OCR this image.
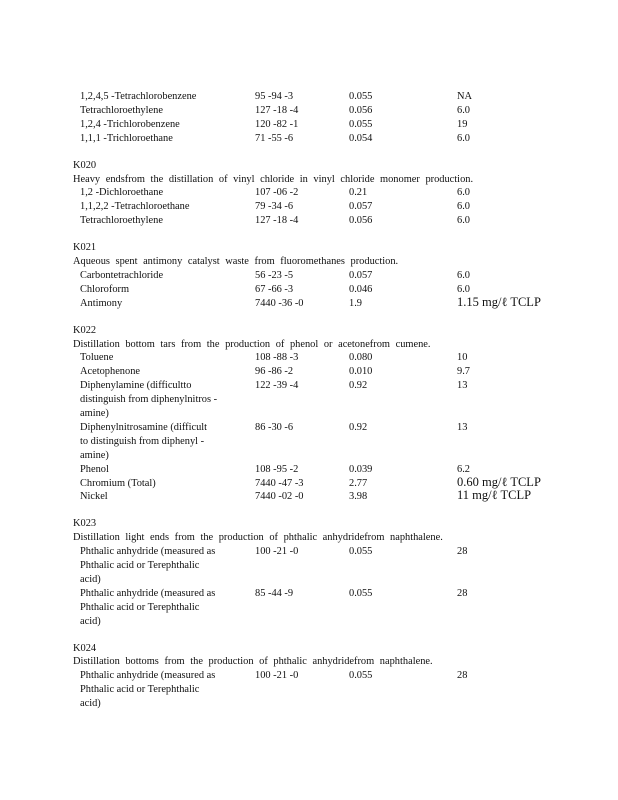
1,2,4,5 -Tetrachlorobenzene	95 -94 -3	0.055	NA
Tetrachloroethylene	127 -18 -4	0.056	6.0
1,2,4 -Trichlorobenzene	120 -82 -1	0.055	19
1,1,1 -Trichloroethane	71 -55 -6	0.054	6.0
K020
Heavy endsfrom the distillation of vinyl chloride in vinyl chloride monomer production.
1,2 -Dichloroethane	107 -06 -2	0.21	6.0
1,1,2,2 -Tetrachloroethane	79 -34 -6	0.057	6.0
Tetrachloroethylene	127 -18 -4	0.056	6.0
K021
Aqueous spent antimony catalyst waste from fluoromethanes production.
Carbontetrachloride	56 -23 -5	0.057	6.0
Chloroform	67 -66 -3	0.046	6.0
Antimony	7440 -36 -0	1.9	1.15 mg/ℓ TCLP
K022
Distillation bottom tars from the production of phenol or acetonefrom cumene.
Toluene	108 -88 -3	0.080	10
Acetophenone	96 -86 -2	0.010	9.7
Diphenylamine (difficultto	122 -39 -4	0.92	13
distinguish from diphenylnitros -
amine)
Diphenylnitrosamine (difficult	86 -30 -6	0.92	13
to distinguish from diphenyl -
amine)
Phenol	108 -95 -2	0.039	6.2
Chromium (Total)	7440 -47 -3	2.77	0.60 mg/ℓ TCLP
Nickel	7440 -02 -0	3.98	11 mg/ℓ TCLP
K023
Distillation light ends from the production of phthalic anhydridefrom naphthalene.
Phthalic anhydride (measured as	100 -21 -0	0.055	28
Phthalic acid or Terephthalic
acid)
Phthalic anhydride (measured as	85 -44 -9	0.055	28
Phthalic acid or Terephthalic
acid)
K024
Distillation bottoms from the production of phthalic anhydridefrom naphthalene.
Phthalic anhydride (measured as	100 -21 -0	0.055	28
Phthalic acid or Terephthalic
acid)
